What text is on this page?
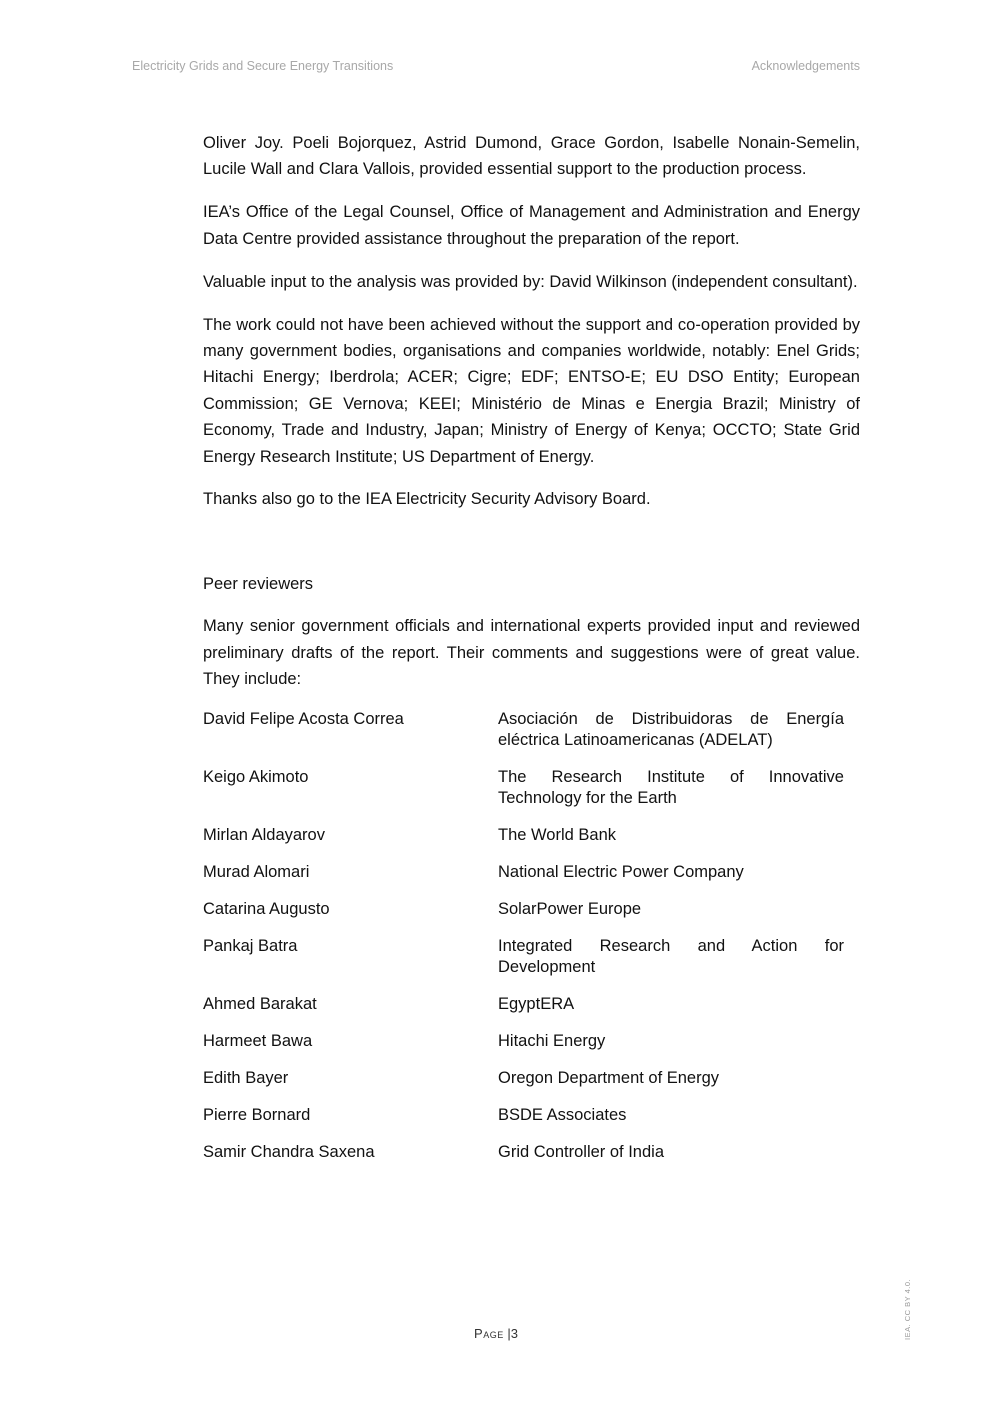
Electricity Grids and Secure Energy Transitions	Acknowledgements

Oliver Joy. Poeli Bojorquez, Astrid Dumond, Grace Gordon, Isabelle Nonain-Semelin, Lucile Wall and Clara Vallois, provided essential support to the production process.

IEA’s Office of the Legal Counsel, Office of Management and Administration and Energy Data Centre provided assistance throughout the preparation of the report.

Valuable input to the analysis was provided by: David Wilkinson (independent consultant).

The work could not have been achieved without the support and co-operation provided by many government bodies, organisations and companies worldwide, notably: Enel Grids; Hitachi Energy; Iberdrola; ACER; Cigre; EDF; ENTSO-E; EU DSO Entity; European Commission; GE Vernova; KEEI; Ministério de Minas e Energia Brazil; Ministry of Economy, Trade and Industry, Japan; Ministry of Energy of Kenya; OCCTO; State Grid Energy Research Institute; US Department of Energy.

Thanks also go to the IEA Electricity Security Advisory Board.

Peer reviewers

Many senior government officials and international experts provided input and reviewed preliminary drafts of the report. Their comments and suggestions were of great value. They include:

David Felipe Acosta Correa	Asociación de Distribuidoras de Energía eléctrica Latinoamericanas (ADELAT)
Keigo Akimoto	The Research Institute of Innovative Technology for the Earth
Mirlan Aldayarov	The World Bank
Murad Alomari	National Electric Power Company
Catarina Augusto	SolarPower Europe
Pankaj Batra	Integrated Research and Action for Development
Ahmed Barakat	EgyptERA
Harmeet Bawa	Hitachi Energy
Edith Bayer	Oregon Department of Energy
Pierre Bornard	BSDE Associates
Samir Chandra Saxena	Grid Controller of India
Page |3	IEA. CC BY 4.0.
